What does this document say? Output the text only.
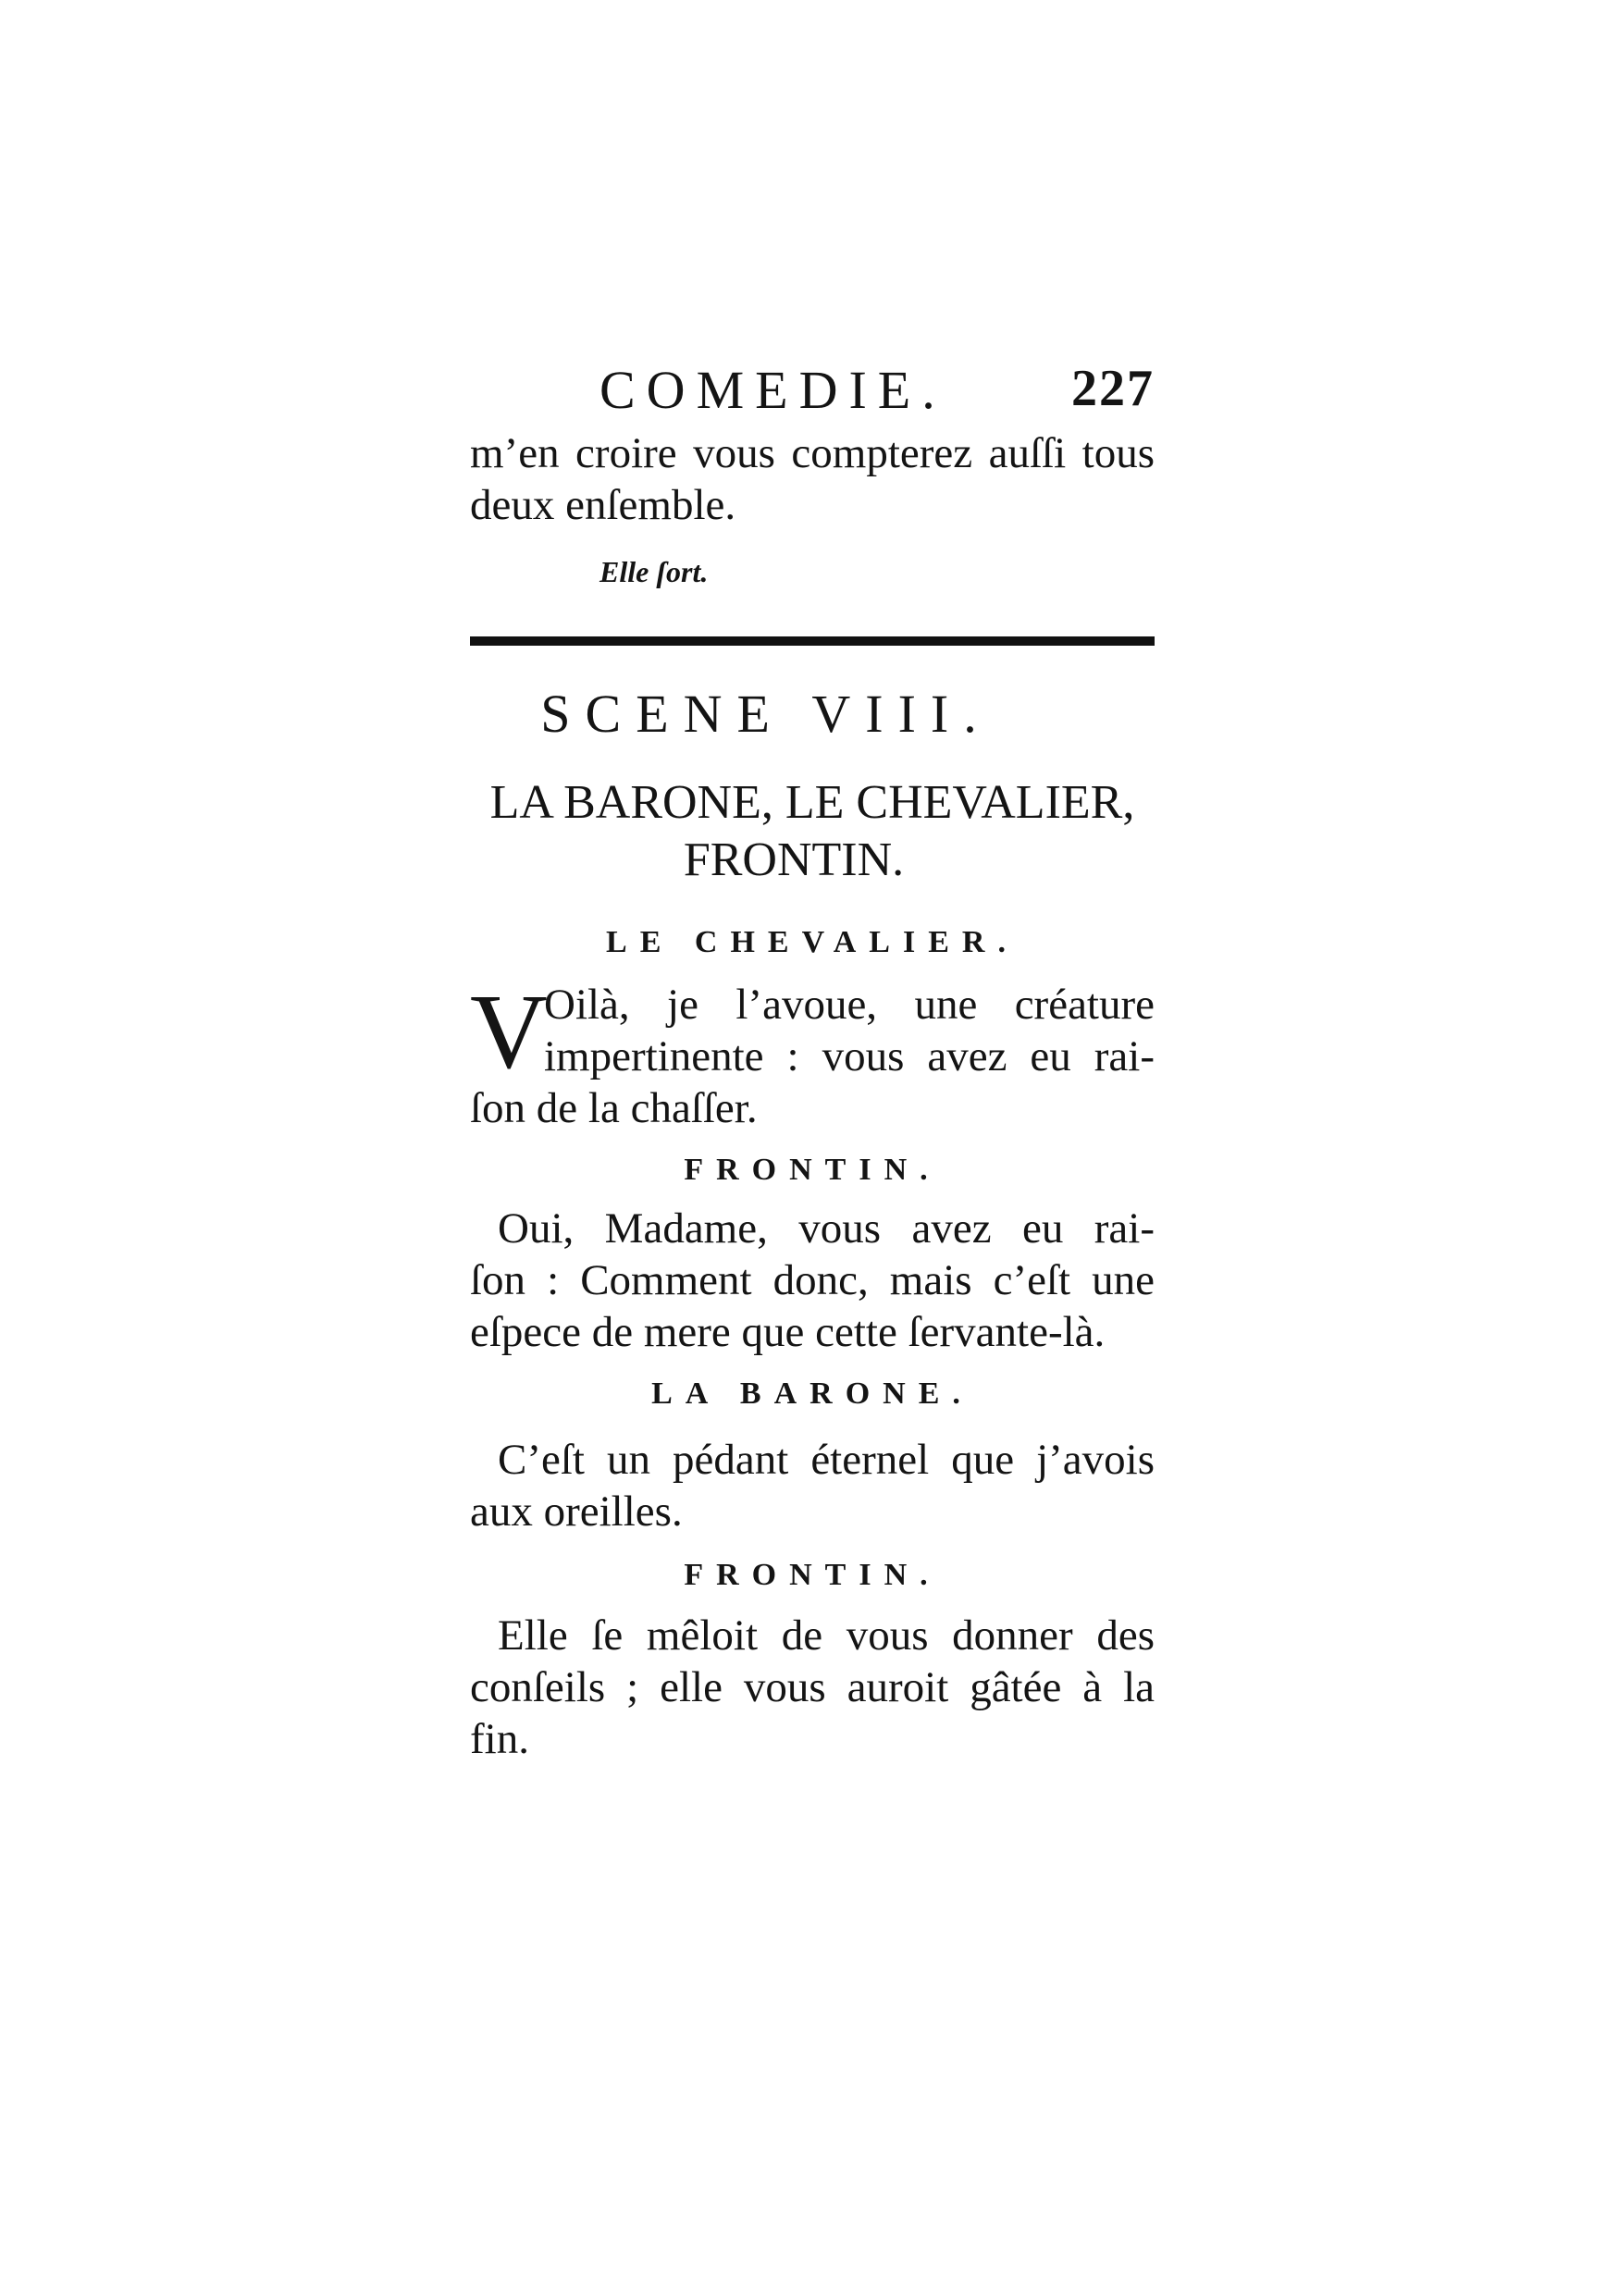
COMEDIE. 227
m’en croire vous compterez auſſi tous
deux enſemble.
Elle ſort.
SCENE VIII.
LA BARONE, LE CHEVALIER,
FRONTIN.
LE CHEVALIER.
V
Oilà, je l’avoue, une créature
impertinente : vous avez eu rai-
ſon de la chaſſer.
FRONTIN.
Oui, Madame, vous avez eu rai-
ſon : Comment donc, mais c’eſt une
eſpece de mere que cette ſervante-là.
LA BARONE.
C’eſt un pédant éternel que j’avois
aux oreilles.
FRONTIN.
Elle ſe mêloit de vous donner des
conſeils ; elle vous auroit gâtée à la
fin.
